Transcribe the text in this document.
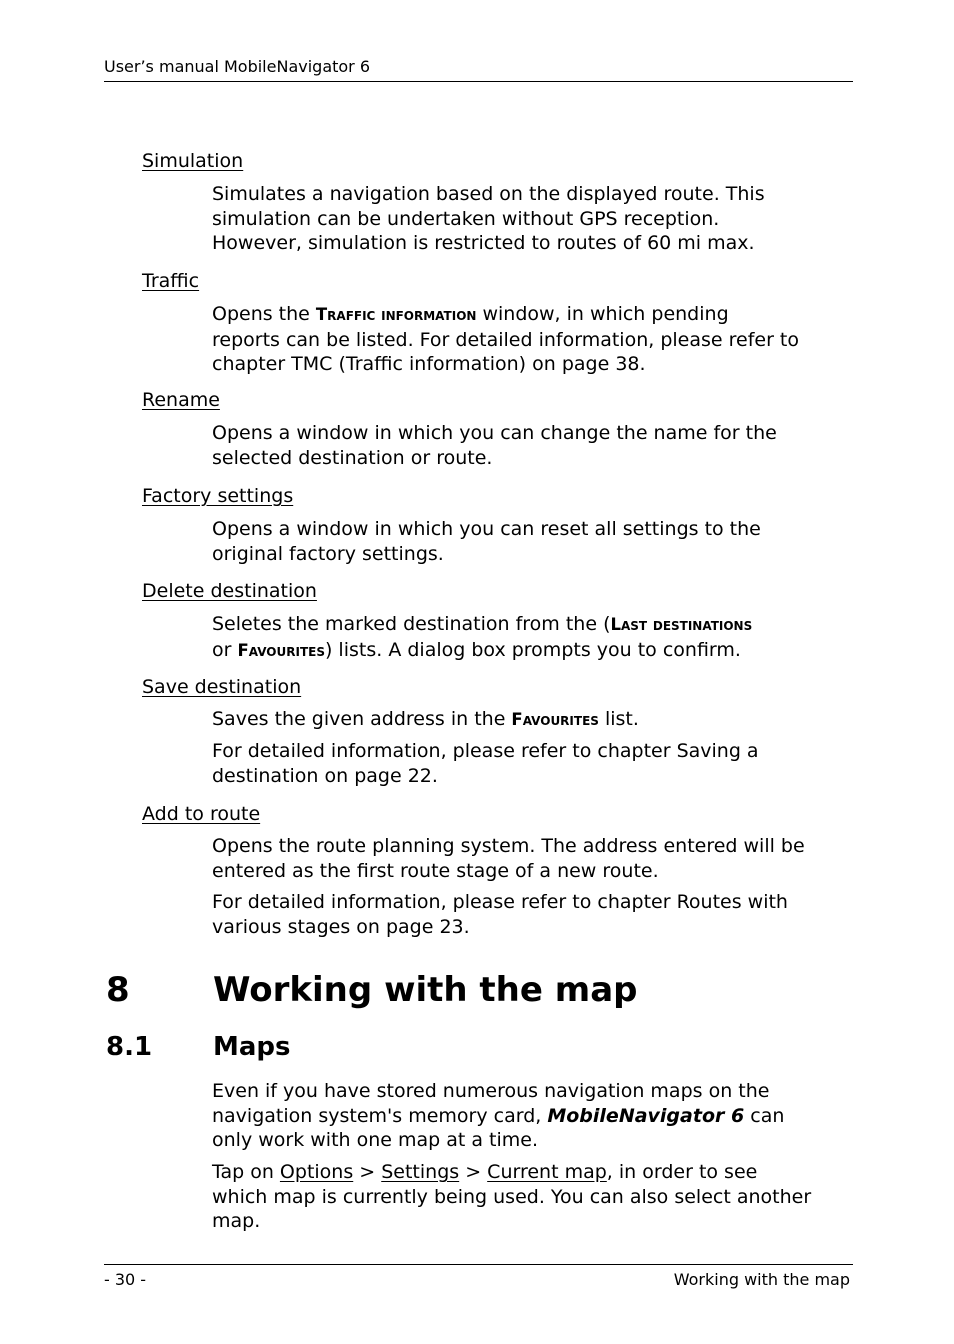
User’s manual MobileNavigator 6
Simulation
Simulates a navigation based on the displayed route. This
simulation can be undertaken without GPS reception.
However, simulation is restricted to routes of 60 mi max.
Traffic
Opens the Traffic information window, in which pending
reports can be listed. For detailed information, please refer to
chapter TMC (Traffic information) on page 38.
Rename
Opens a window in which you can change the name for the
selected destination or route.
Factory settings
Opens a window in which you can reset all settings to the
original factory settings.
Delete destination
Seletes the marked destination from the (Last destinations
or Favourites) lists. A dialog box prompts you to confirm.
Save destination
Saves the given address in the Favourites list.
For detailed information, please refer to chapter Saving a
destination on page 22.
Add to route
Opens the route planning system. The address entered will be
entered as the first route stage of a new route.
For detailed information, please refer to chapter Routes with
various stages on page 23.
8 Working with the map
8.1 Maps
Even if you have stored numerous navigation maps on the
navigation system's memory card, MobileNavigator 6 can
only work with one map at a time.
Tap on Options > Settings > Current map, in order to see
which map is currently being used. You can also select another
map.
- 30 -	Working with the map
